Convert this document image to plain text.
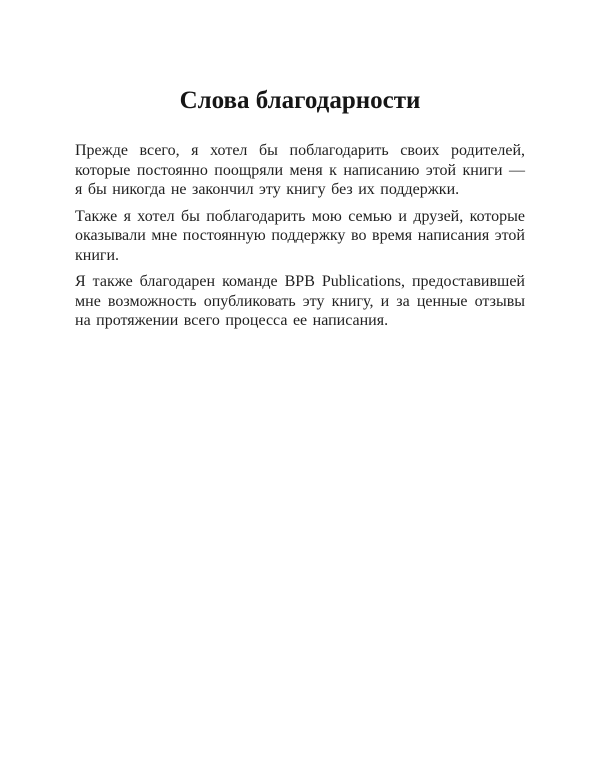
Слова благодарности

Прежде всего, я хотел бы поблагодарить своих родителей, которые постоянно поощряли меня к написанию этой книги — я бы никогда не закончил эту книгу без их поддержки.

Также я хотел бы поблагодарить мою семью и друзей, которые оказывали мне постоянную поддержку во время написания этой книги.

Я также благодарен команде BPB Publications, предоставившей мне возможность опубликовать эту книгу, и за ценные отзывы на протяжении всего процесса ее написания.
